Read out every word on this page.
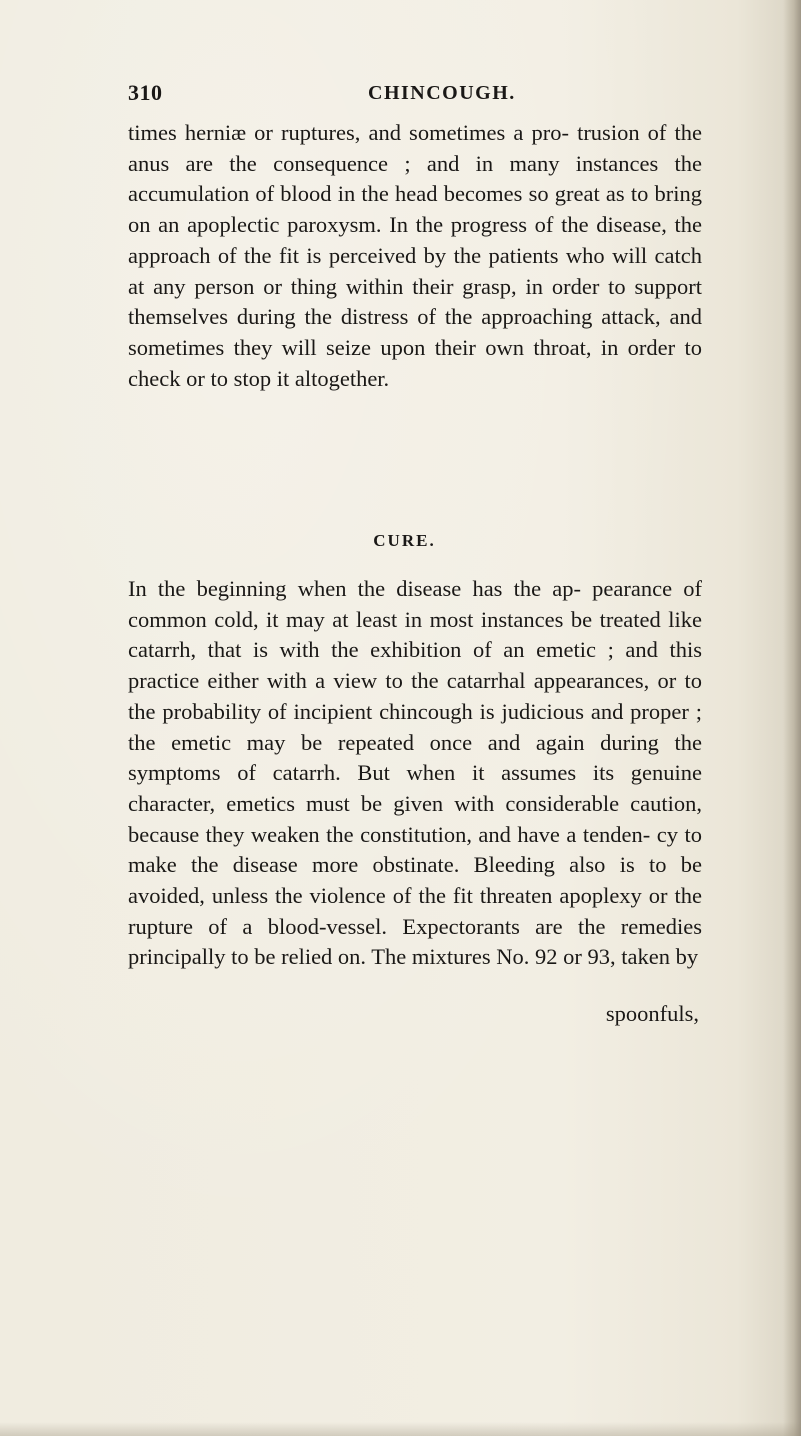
310	CHINCOUGH.

times herniæ or ruptures, and sometimes a pro- trusion of the anus are the consequence ; and in many instances the accumulation of blood in the head becomes so great as to bring on an apoplectic paroxysm. In the progress of the disease, the approach of the fit is perceived by the patients who will catch at any person or thing within their grasp, in order to support themselves during the distress of the approaching attack, and sometimes they will seize upon their own throat, in order to check or to stop it altogether.

CURE.

In the beginning when the disease has the ap- pearance of common cold, it may at least in most instances be treated like catarrh, that is with the exhibition of an emetic ; and this practice either with a view to the catarrhal appearances, or to the probability of incipient chincough is judicious and proper ; the emetic may be repeated once and again during the symptoms of catarrh. But when it assumes its genuine character, emetics must be given with considerable caution, because they weaken the constitution, and have a tenden- cy to make the disease more obstinate. Bleeding also is to be avoided, unless the violence of the fit threaten apoplexy or the rupture of a blood-vessel. Expectorants are the remedies principally to be relied on. The mixtures No. 92 or 93, taken by

spoonfuls,
